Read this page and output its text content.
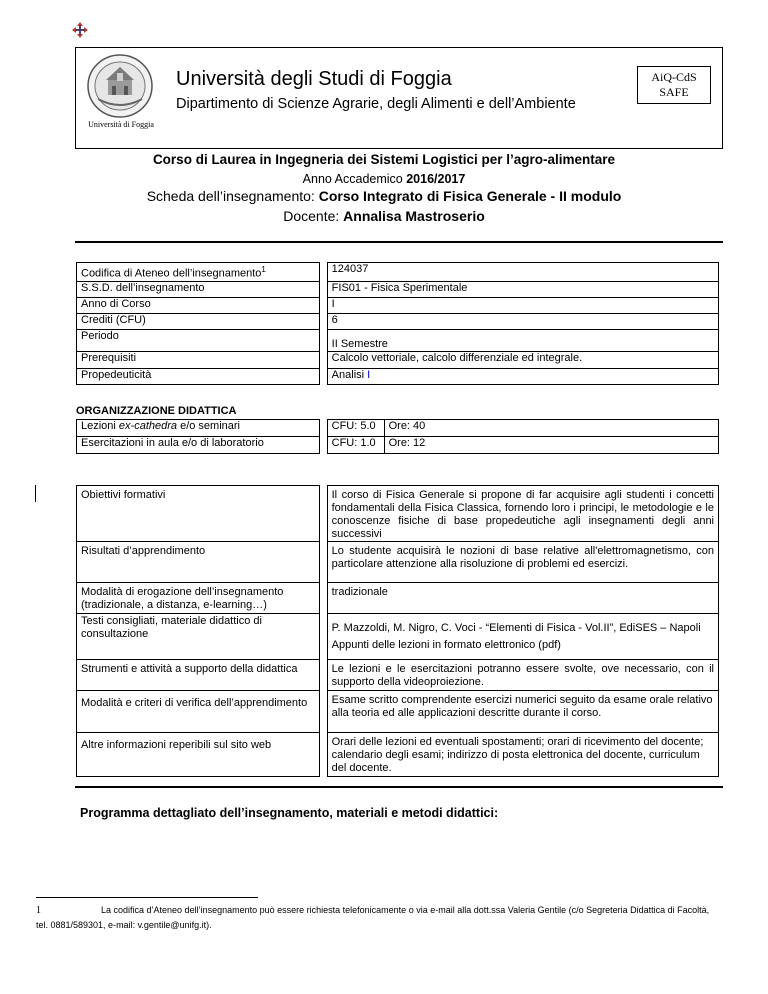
Università di Foggia
Università degli Studi di Foggia
Dipartimento di Scienze Agrarie, degli Alimenti e dell’Ambiente
AiQ-CdS
SAFE
Corso di Laurea in Ingegneria dei Sistemi Logistici per l’agro-alimentare
Anno Accademico 2016/2017
Scheda dell’insegnamento: Corso Integrato di Fisica Generale - II modulo
Docente: Annalisa Mastroserio
Codifica di Ateneo dell’insegnamento$^1$		124037
S.S.D. dell’insegnamento		FIS01 - Fisica Sperimentale
Anno di Corso		I
Crediti (CFU)		6
Periodo		II Semestre
Prerequisiti		Calcolo vettoriale, calcolo differenziale ed integrale.
Propedeuticità		Analisi I
ORGANIZZAZIONE DIDATTICA
Lezioni ex-cathedra e/o seminari		CFU: 5.0	Ore: 40
Esercitazioni in aula e/o di laboratorio		CFU: 1.0	Ore: 12
Obiettivi formativi		Il corso di Fisica Generale si propone di far acquisire agli studenti i concetti fondamentali della Fisica Classica, fornendo loro i principi, le metodologie e le conoscenze fisiche di base propedeutiche agli insegnamenti degli anni successivi
Risultati d’apprendimento		Lo studente acquisirà le nozioni di base relative all'elettromagnetismo, con particolare attenzione alla risoluzione di problemi ed esercizi.
Modalità di erogazione dell’insegnamento (tradizionale, a distanza, e-learning…)		tradizionale
Testi consigliati, materiale didattico di consultazione		P. Mazzoldi, M. Nigro, C. Voci - “Elementi di Fisica - Vol.II”, EdiSES – Napoli
Appunti delle lezioni in formato elettronico (pdf)

Strumenti e attività a supporto della didattica		Le lezioni e le esercitazioni potranno essere svolte, ove necessario, con il supporto della videoproiezione.
Modalità e criteri di verifica dell’apprendimento		Esame scritto comprendente esercizi numerici seguito da esame orale relativo alla teoria ed alle applicazioni descritte durante il corso.
Altre informazioni reperibili sul sito web		Orari delle lezioni ed eventuali spostamenti; orari di ricevimento del docente; calendario degli esami; indirizzo di posta elettronica del docente, curriculum del docente.
Programma dettagliato dell’insegnamento, materiali e metodi didattici:
1	La codifica d’Ateneo dell’insegnamento può essere richiesta telefonicamente o via e-mail alla dott.ssa Valeria Gentile (c/o Segreteria Didattica di Facoltà, tel. 0881/589301, e-mail: v.gentile@unifg.it).
